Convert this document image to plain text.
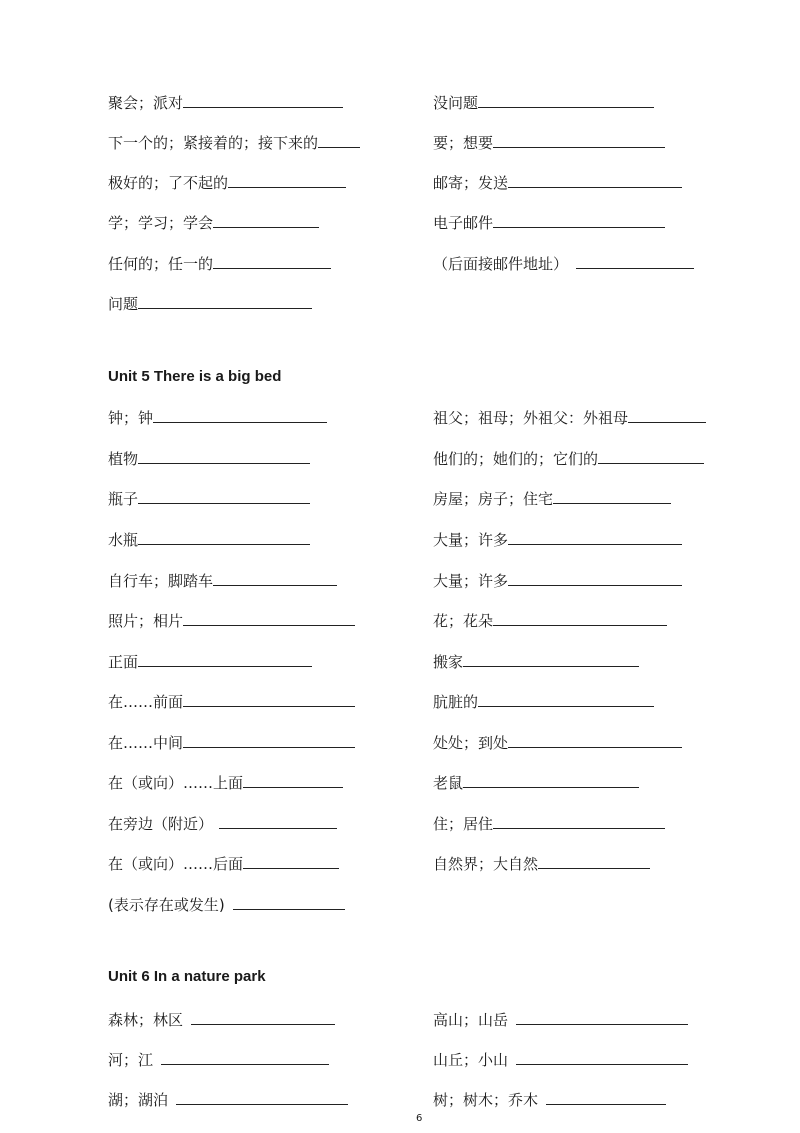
聚会；派对
下一个的；紧接着的；接下来的
极好的；了不起的
学；学习；学会
任何的；任一的
问题
没问题
要；想要
邮寄；发送
电子邮件
（后面接邮件地址）
Unit 5 There is a big bed
钟；钟
植物
瓶子
水瓶
自行车；脚踏车
照片；相片
正面
在……前面
在……中间
在（或向）……上面
在旁边（附近）
在（或向）……后面
(表示存在或发生)
祖父；祖母；外祖父：外祖母
他们的；她们的；它们的
房屋；房子；住宅
大量；许多
大量；许多
花；花朵
搬家
肮脏的
处处；到处
老鼠
住；居住
自然界；大自然
Unit 6 In a nature park
森林；林区
河；江
湖；湖泊
高山；山岳
山丘；小山
树；树木；乔木
6
